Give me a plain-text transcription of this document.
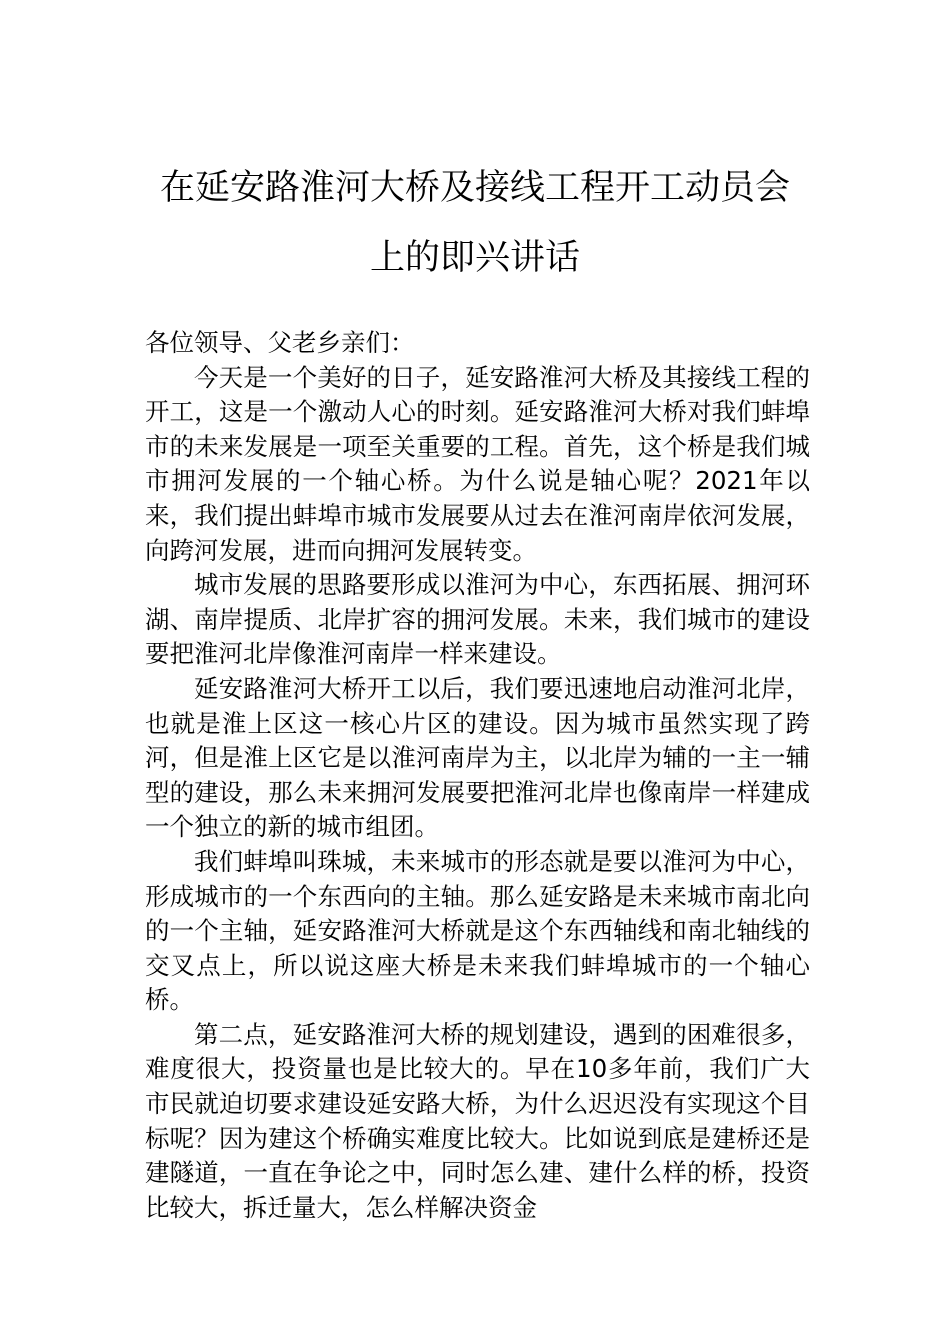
在延安路淮河大桥及接线工程开工动员会
上的即兴讲话

各位领导、父老乡亲们：

今天是一个美好的日子，延安路淮河大桥及其接线工程的开工，这是一个激动人心的时刻。延安路淮河大桥对我们蚌埠市的未来发展是一项至关重要的工程。首先，这个桥是我们城市拥河发展的一个轴心桥。为什么说是轴心呢？2021年以来，我们提出蚌埠市城市发展要从过去在淮河南岸依河发展，向跨河发展，进而向拥河发展转变。

城市发展的思路要形成以淮河为中心，东西拓展、拥河环湖、南岸提质、北岸扩容的拥河发展。未来，我们城市的建设要把淮河北岸像淮河南岸一样来建设。

延安路淮河大桥开工以后，我们要迅速地启动淮河北岸，也就是淮上区这一核心片区的建设。因为城市虽然实现了跨河，但是淮上区它是以淮河南岸为主，以北岸为辅的一主一辅型的建设，那么未来拥河发展要把淮河北岸也像南岸一样建成一个独立的新的城市组团。

我们蚌埠叫珠城，未来城市的形态就是要以淮河为中心，形成城市的一个东西向的主轴。那么延安路是未来城市南北向的一个主轴，延安路淮河大桥就是这个东西轴线和南北轴线的交叉点上，所以说这座大桥是未来我们蚌埠城市的一个轴心桥。

第二点，延安路淮河大桥的规划建设，遇到的困难很多，难度很大，投资量也是比较大的。早在10多年前，我们广大市民就迫切要求建设延安路大桥，为什么迟迟没有实现这个目标呢？因为建这个桥确实难度比较大。比如说到底是建桥还是建隧道，一直在争论之中，同时怎么建、建什么样的桥，投资比较大，拆迁量大，怎么样解决资金
